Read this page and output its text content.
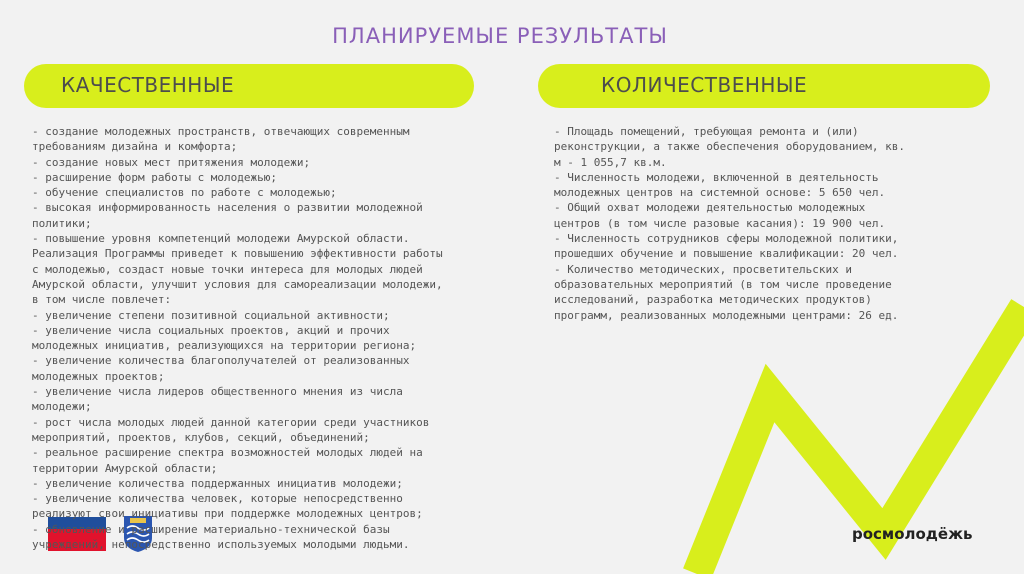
ПЛАНИРУЕМЫЕ РЕЗУЛЬТАТЫ
КАЧЕСТВЕННЫЕ	КОЛИЧЕСТВЕННЫЕ
- создание молодежных пространств, отвечающих современным
требованиям дизайна и комфорта;
- создание новых мест притяжения молодежи;
- расширение форм работы с молодежью;
- обучение специалистов по работе с молодежью;
- высокая информированность населения о развитии молодежной
политики;
- повышение уровня компетенций молодежи Амурской области.
Реализация Программы приведет к повышению эффективности работы
с молодежью, создаст новые точки интереса для молодых людей
Амурской области, улучшит условия для самореализации молодежи,
в том числе повлечет:
- увеличение степени позитивной социальной активности;
- увеличение числа социальных проектов, акций и прочих
молодежных инициатив, реализующихся на территории региона;
- увеличение количества благополучателей от реализованных
молодежных проектов;
- увеличение числа лидеров общественного мнения из числа
молодежи;
- рост числа молодых людей данной категории среди участников
мероприятий, проектов, клубов, секций, объединений;
- реальное расширение спектра возможностей молодых людей на
территории Амурской области;
- увеличение количества поддержанных инициатив молодежи;
- увеличение количества человек, которые непосредственно
реализуют свои инициативы при поддержке молодежных центров;
- обновление и расширение материально-технической базы
учреждений, непосредственно используемых молодыми людьми.
- Площадь помещений, требующая ремонта и (или)
реконструкции, а также обеспечения оборудованием, кв.
м - 1 055,7 кв.м.
- Численность молодежи, включенной в деятельность
молодежных центров на системной основе: 5 650 чел.
- Общий охват молодежи деятельностью молодежных
центров (в том числе разовые касания): 19 900 чел.
- Численность сотрудников сферы молодежной политики,
прошедших обучение и повышение квалификации: 20 чел.
- Количество методических, просветительских и
образовательных мероприятий (в том числе проведение
исследований, разработка методических продуктов)
программ, реализованных молодежными центрами: 26 ед.
росмолодёжь
